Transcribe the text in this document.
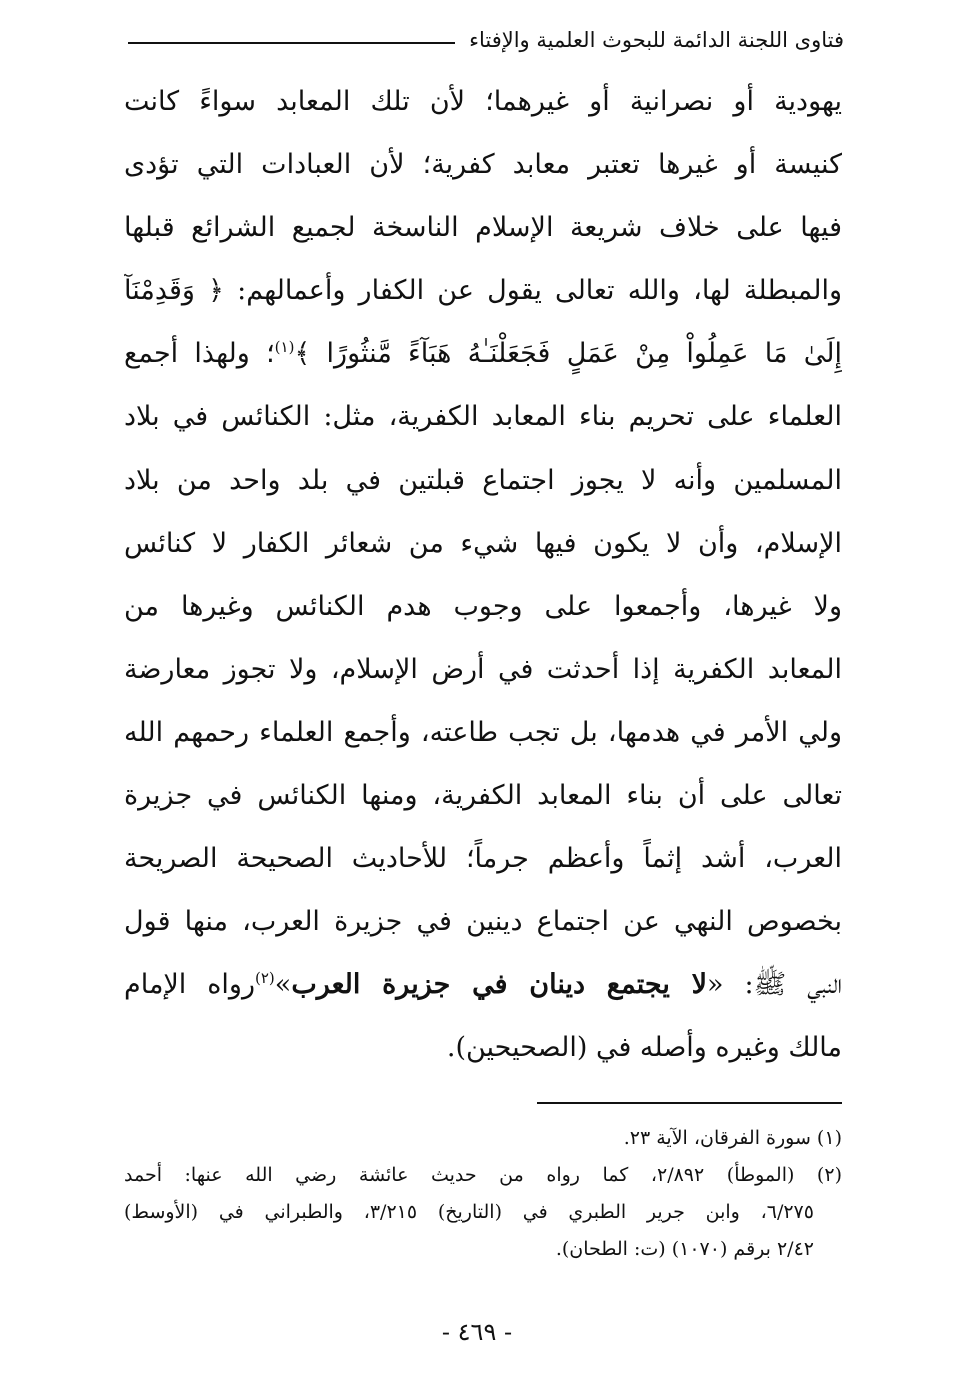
فتاوى اللجنة الدائمة للبحوث العلمية والإفتاء
يهودية أو نصرانية أو غيرهما؛ لأن تلك المعابد سواءً كانت
كنيسة أو غيرها تعتبر معابد كفرية؛ لأن العبادات التي تؤدى
فيها على خلاف شريعة الإسلام الناسخة لجميع الشرائع قبلها
والمبطلة لها، والله تعالى يقول عن الكفار وأعمالهم: ﴿ وَقَدِمْنَآ
إِلَىٰ مَا عَمِلُواْ مِنْ عَمَلٍ فَجَعَلْنَـٰهُ هَبَآءً مَّنثُورًا ﴾$^{(١)}$؛ ولهذا أجمع
العلماء على تحريم بناء المعابد الكفرية، مثل: الكنائس في بلاد
المسلمين وأنه لا يجوز اجتماع قبلتين في بلد واحد من بلاد
الإسلام، وأن لا يكون فيها شيء من شعائر الكفار لا كنائس
ولا غيرها، وأجمعوا على وجوب هدم الكنائس وغيرها من
المعابد الكفرية إذا أحدثت في أرض الإسلام، ولا تجوز معارضة
ولي الأمر في هدمها، بل تجب طاعته، وأجمع العلماء رحمهم الله
تعالى على أن بناء المعابد الكفرية، ومنها الكنائس في جزيرة
العرب، أشد إثماً وأعظم جرماً؛ للأحاديث الصحيحة الصريحة
بخصوص النهي عن اجتماع دينين في جزيرة العرب، منها قول
النبي ﷺ: «لا يجتمع دينان في جزيرة العرب»$^{(٢)}$رواه الإمام
مالك وغيره وأصله في (الصحيحين).
(١) سورة الفرقان، الآية ٢٣.
(٢) (الموطأ) ٢/٨٩٢، كما رواه من حديث عائشة رضي الله عنها: أحمد
٦/٢٧٥، وابن جرير الطبري في (التاريخ) ٣/٢١٥، والطبراني في (الأوسط)
٢/٤٢ برقم (١٠٧٠) (ت: الطحان).
- ٤٦٩ -
